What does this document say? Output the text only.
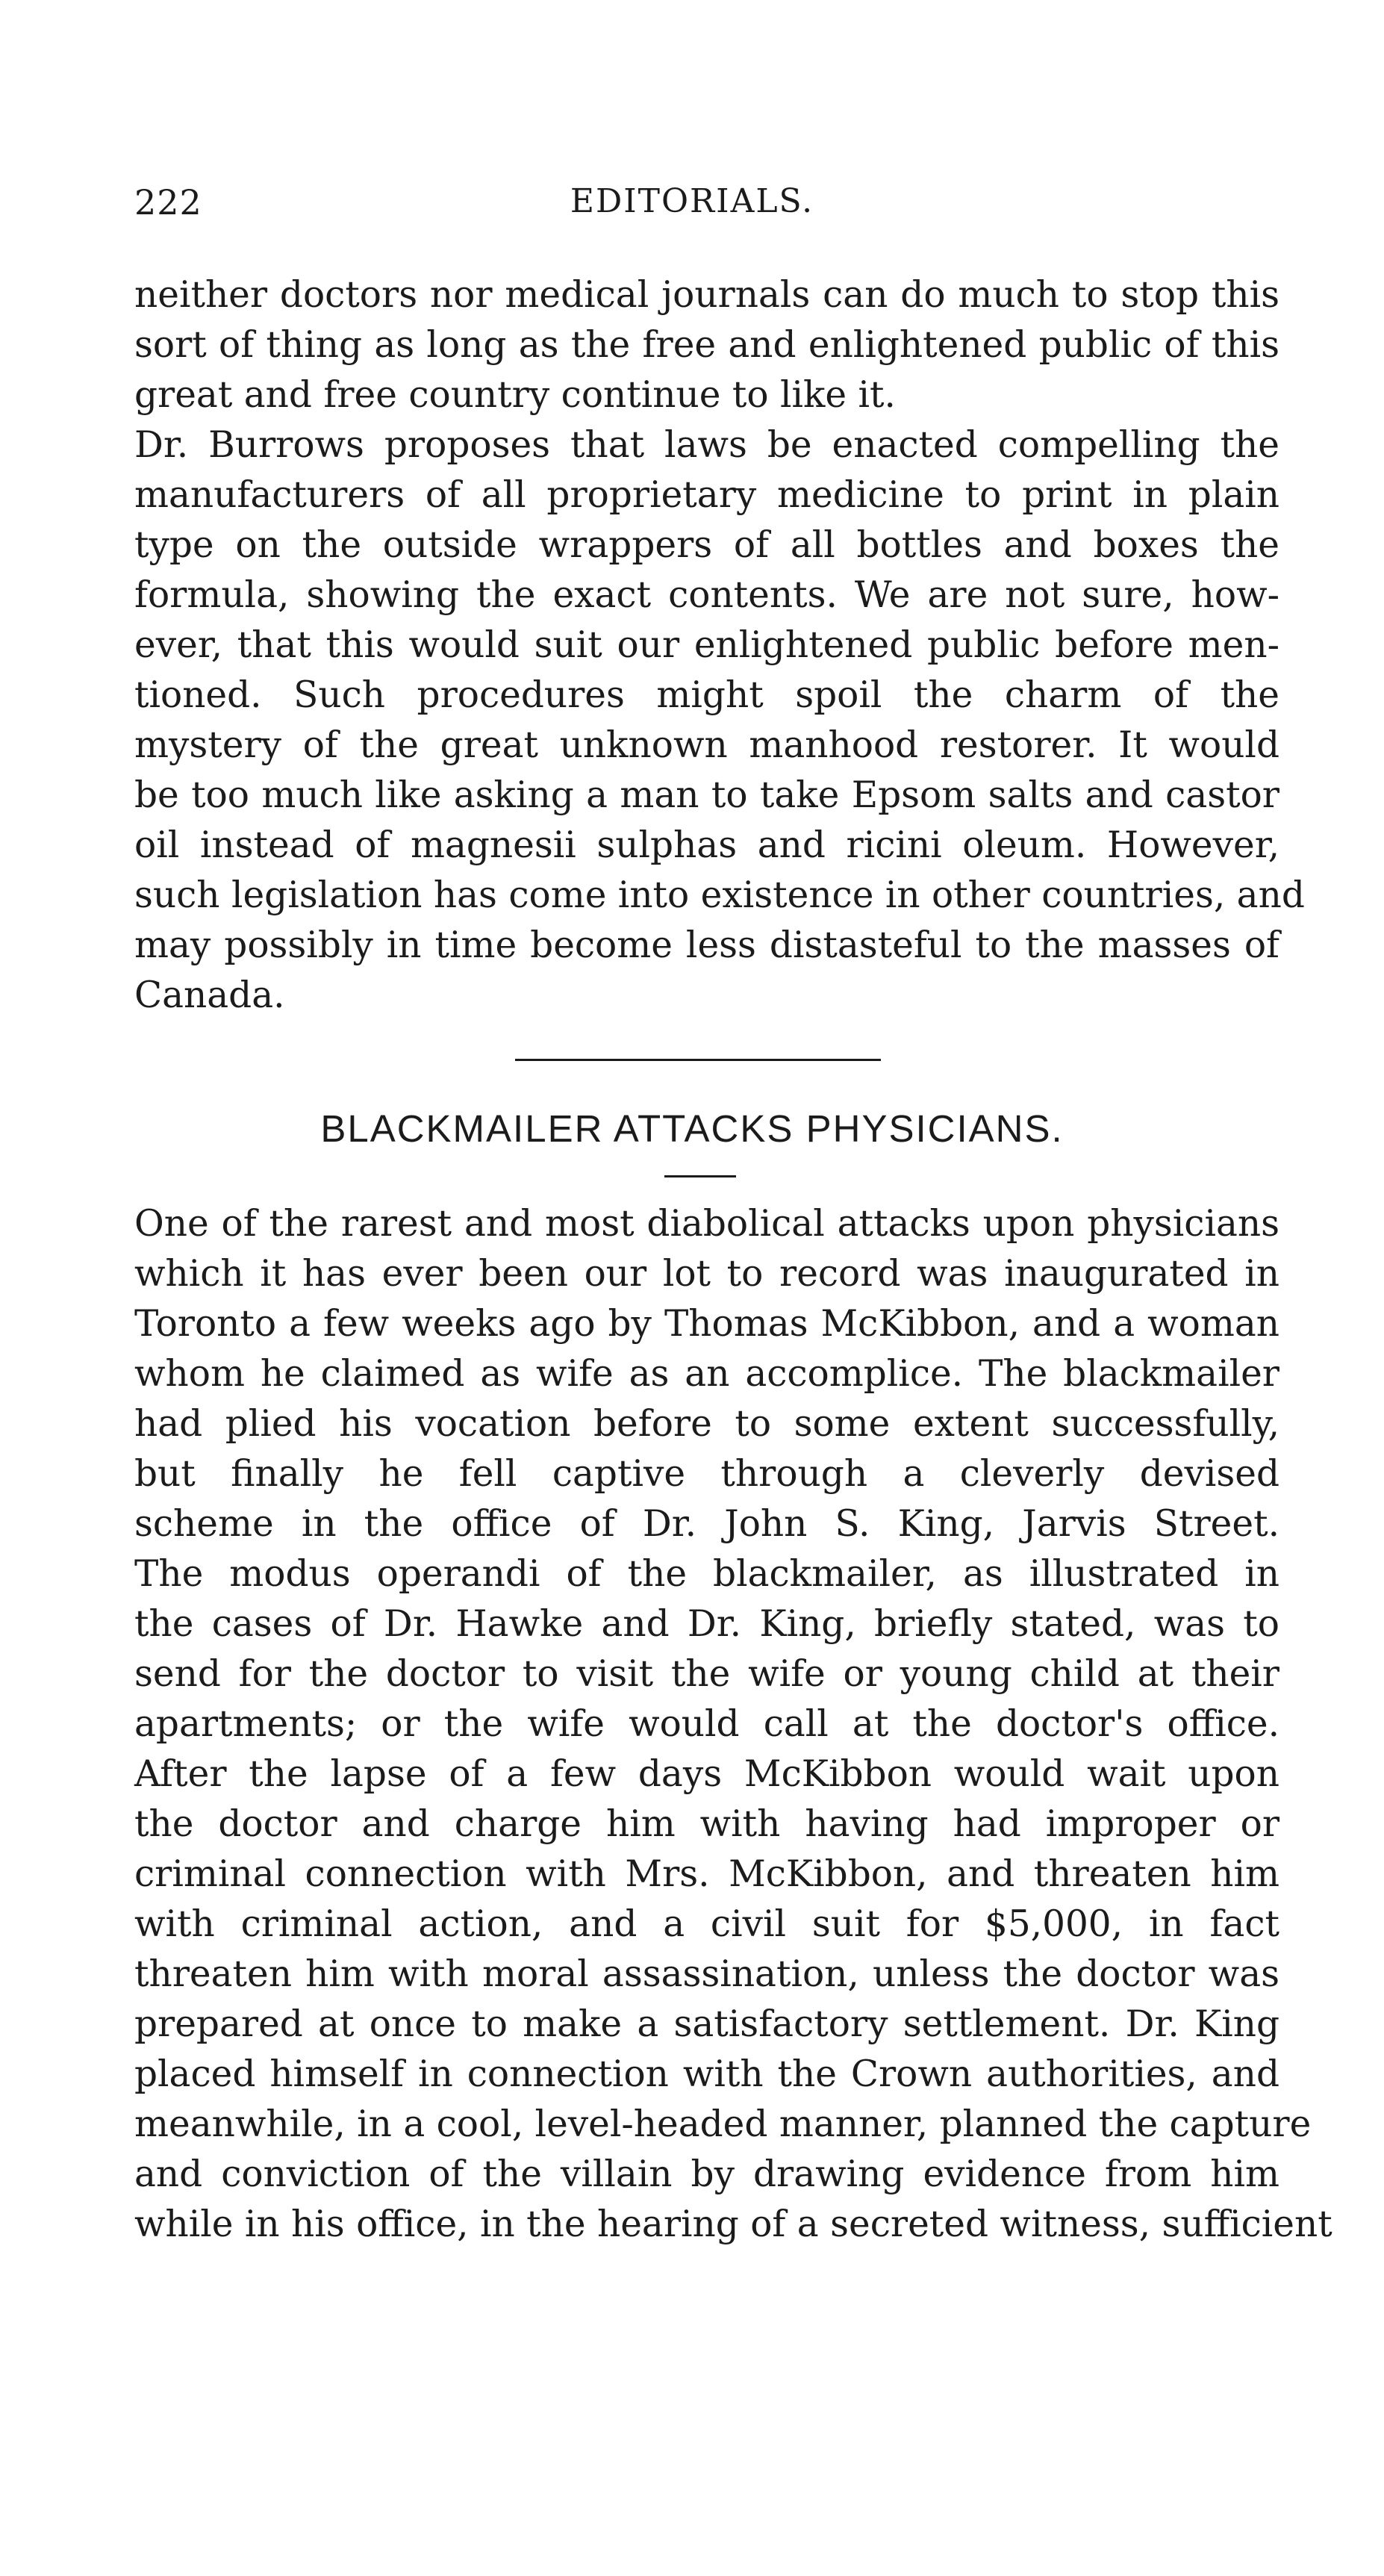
222	EDITORIALS.

neither doctors nor medical journals can do much to stop this

sort of thing as long as the free and enlightened public of this

great and free country continue to like it.

Dr. Burrows proposes that laws be enacted compelling the

manufacturers of all proprietary medicine to print in plain

type on the outside wrappers of all bottles and boxes the

formula, showing the exact contents. We are not sure, how-

ever, that this would suit our enlightened public before men-

tioned. Such procedures might spoil the charm of the

mystery of the great unknown manhood restorer. It would

be too much like asking a man to take Epsom salts and castor

oil instead of magnesii sulphas and ricini oleum. However,

such legislation has come into existence in other countries, and

may possibly in time become less distasteful to the masses of

Canada.

BLACKMAILER ATTACKS PHYSICIANS.

One of the rarest and most diabolical attacks upon physicians

which it has ever been our lot to record was inaugurated in

Toronto a few weeks ago by Thomas McKibbon, and a woman

whom he claimed as wife as an accomplice. The blackmailer

had plied his vocation before to some extent successfully,

but finally he fell captive through a cleverly devised

scheme in the office of Dr. John S. King, Jarvis Street.

The modus operandi of the blackmailer, as illustrated in

the cases of Dr. Hawke and Dr. King, briefly stated, was to

send for the doctor to visit the wife or young child at their

apartments; or the wife would call at the doctor's office.

After the lapse of a few days McKibbon would wait upon

the doctor and charge him with having had improper or

criminal connection with Mrs. McKibbon, and threaten him

with criminal action, and a civil suit for $5,000, in fact

threaten him with moral assassination, unless the doctor was

prepared at once to make a satisfactory settlement. Dr. King

placed himself in connection with the Crown authorities, and

meanwhile, in a cool, level-headed manner, planned the capture

and conviction of the villain by drawing evidence from him

while in his office, in the hearing of a secreted witness, sufficient
